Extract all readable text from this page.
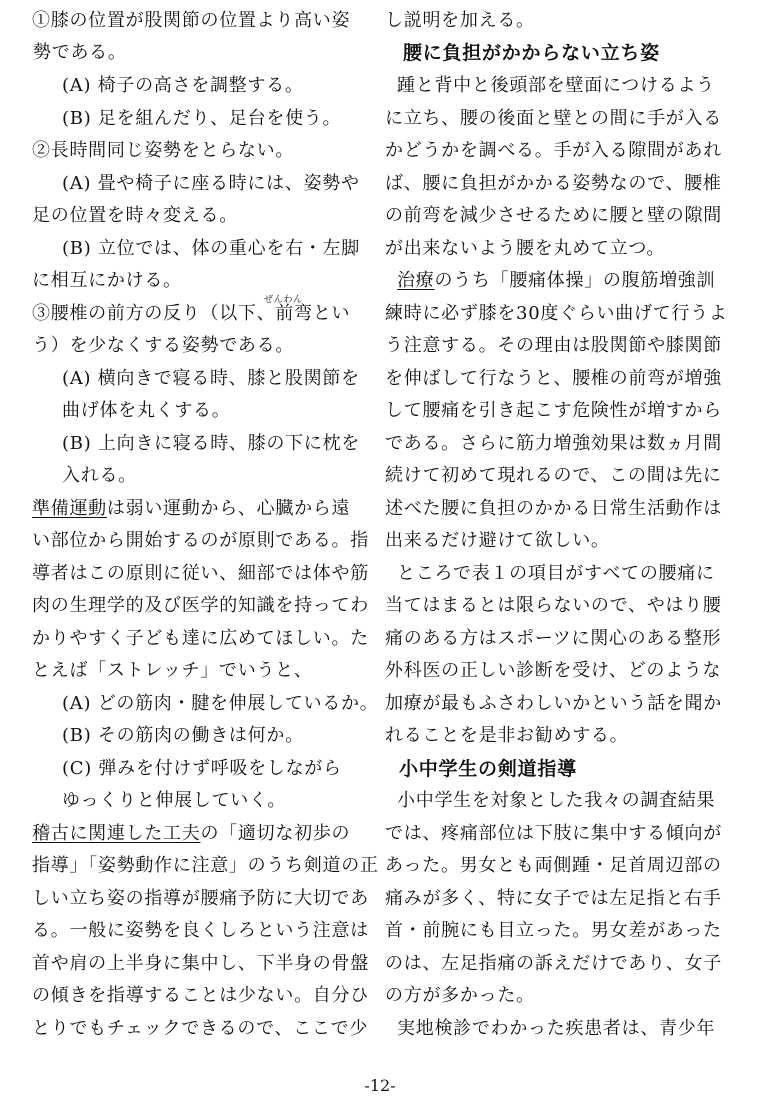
①膝の位置が股関節の位置より高い姿
勢である。
(A) 椅子の高さを調整する。
(B) 足を組んだり、足台を使う。
②長時間同じ姿勢をとらない。
(A) 畳や椅子に座る時には、姿勢や
足の位置を時々変える。
(B) 立位では、体の重心を右・左脚
に相互にかける。
③腰椎の前方の反り（以下、前弯とい
ぜんわん
う）を少なくする姿勢である。
(A) 横向きで寝る時、膝と股関節を
曲げ体を丸くする。
(B) 上向きに寝る時、膝の下に枕を
入れる。
準備運動は弱い運動から、心臓から遠
い部位から開始するのが原則である。指
導者はこの原則に従い、細部では体や筋
肉の生理学的及び医学的知識を持ってわ
かりやすく子ども達に広めてほしい。た
とえば「ストレッチ」でいうと、
(A) どの筋肉・腱を伸展しているか。
(B) その筋肉の働きは何か。
(C) 弾みを付けず呼吸をしながら
ゆっくりと伸展していく。
稽古に関連した工夫の「適切な初歩の
指導」「姿勢動作に注意」のうち剣道の正
しい立ち姿の指導が腰痛予防に大切であ
る。一般に姿勢を良くしろという注意は
首や肩の上半身に集中し、下半身の骨盤
の傾きを指導することは少ない。自分ひ
とりでもチェックできるので、ここで少
し説明を加える。
腰に負担がかからない立ち姿
踵と背中と後頭部を壁面につけるよう
に立ち、腰の後面と壁との間に手が入る
かどうかを調べる。手が入る隙間があれ
ば、腰に負担がかかる姿勢なので、腰椎
の前弯を減少させるために腰と壁の隙間
が出来ないよう腰を丸めて立つ。
治療のうち「腰痛体操」の腹筋増強訓
練時に必ず膝を30度ぐらい曲げて行うよ
う注意する。その理由は股関節や膝関節
を伸ばして行なうと、腰椎の前弯が増強
して腰痛を引き起こす危険性が増すから
である。さらに筋力増強効果は数ヵ月間
続けて初めて現れるので、この間は先に
述べた腰に負担のかかる日常生活動作は
出来るだけ避けて欲しい。
ところで表１の項目がすべての腰痛に
当てはまるとは限らないので、やはり腰
痛のある方はスポーツに関心のある整形
外科医の正しい診断を受け、どのような
加療が最もふさわしいかという話を聞か
れることを是非お勧めする。
小中学生の剣道指導
小中学生を対象とした我々の調査結果
では、疼痛部位は下肢に集中する傾向が
あった。男女とも両側踵・足首周辺部の
痛みが多く、特に女子では左足指と右手
首・前腕にも目立った。男女差があった
のは、左足指痛の訴えだけであり、女子
の方が多かった。
実地検診でわかった疾患者は、青少年
-12-
